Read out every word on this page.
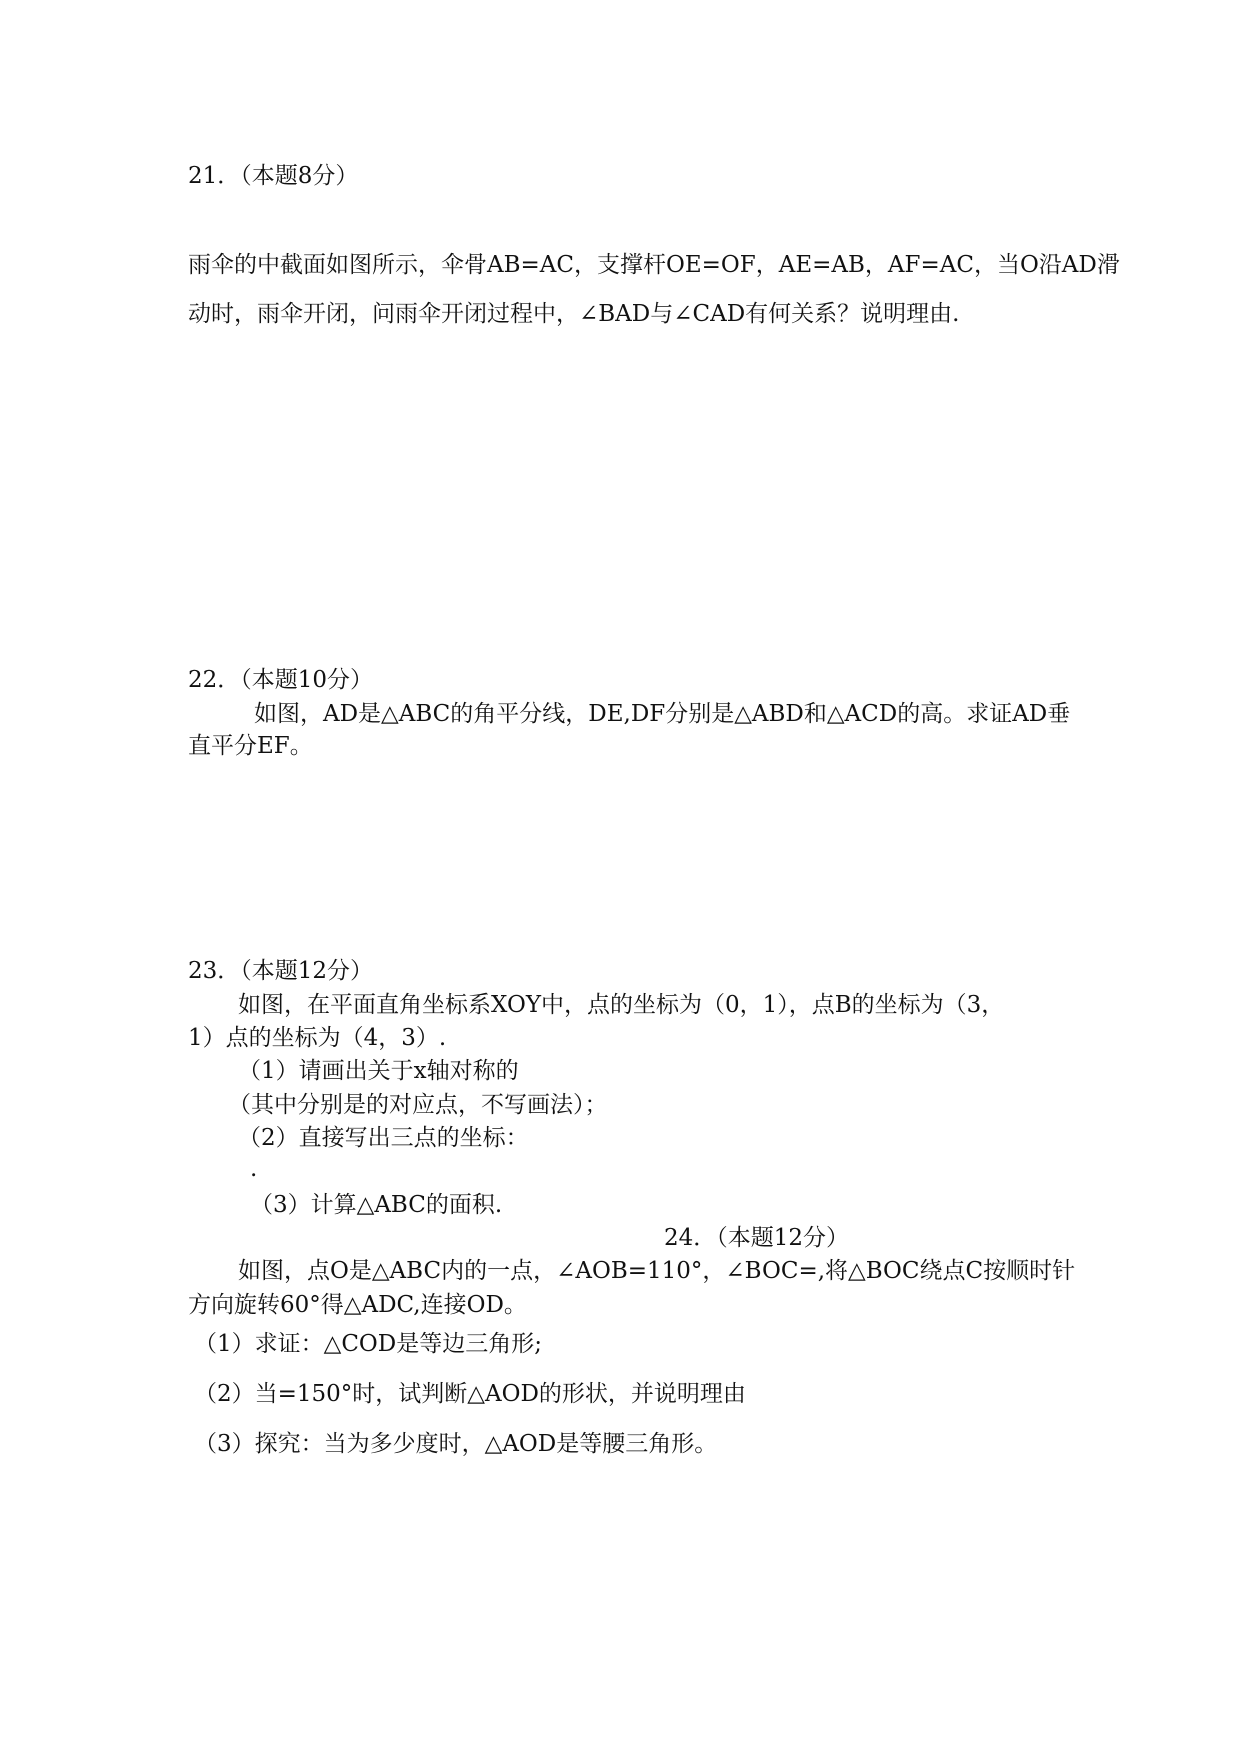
21．（本题8分）
雨伞的中截面如图所示，伞骨AB=AC，支撑杆OE=OF，AE=AB，AF=AC，当O沿AD滑
动时，雨伞开闭，问雨伞开闭过程中，∠BAD与∠CAD有何关系？说明理由.
22．（本题10分）
如图，AD是△ABC的角平分线，DE,DF分别是△ABD和△ACD的高。求证AD垂
直平分EF。
23．（本题12分）
如图，在平面直角坐标系XOY中，点的坐标为（0，1），点B的坐标为（3，
1）点的坐标为（4，3）.
（1）请画出关于x轴对称的
（其中分别是的对应点，不写画法）；
（2）直接写出三点的坐标：
.
（3）计算△ABC的面积.
24．（本题12分）
如图，点O是△ABC内的一点，∠AOB=110°，∠BOC=,将△BOC绕点C按顺时针
方向旋转60°得△ADC,连接OD。
（1）求证：△COD是等边三角形;
（2）当=150°时，试判断△AOD的形状，并说明理由
（3）探究：当为多少度时，△AOD是等腰三角形。
